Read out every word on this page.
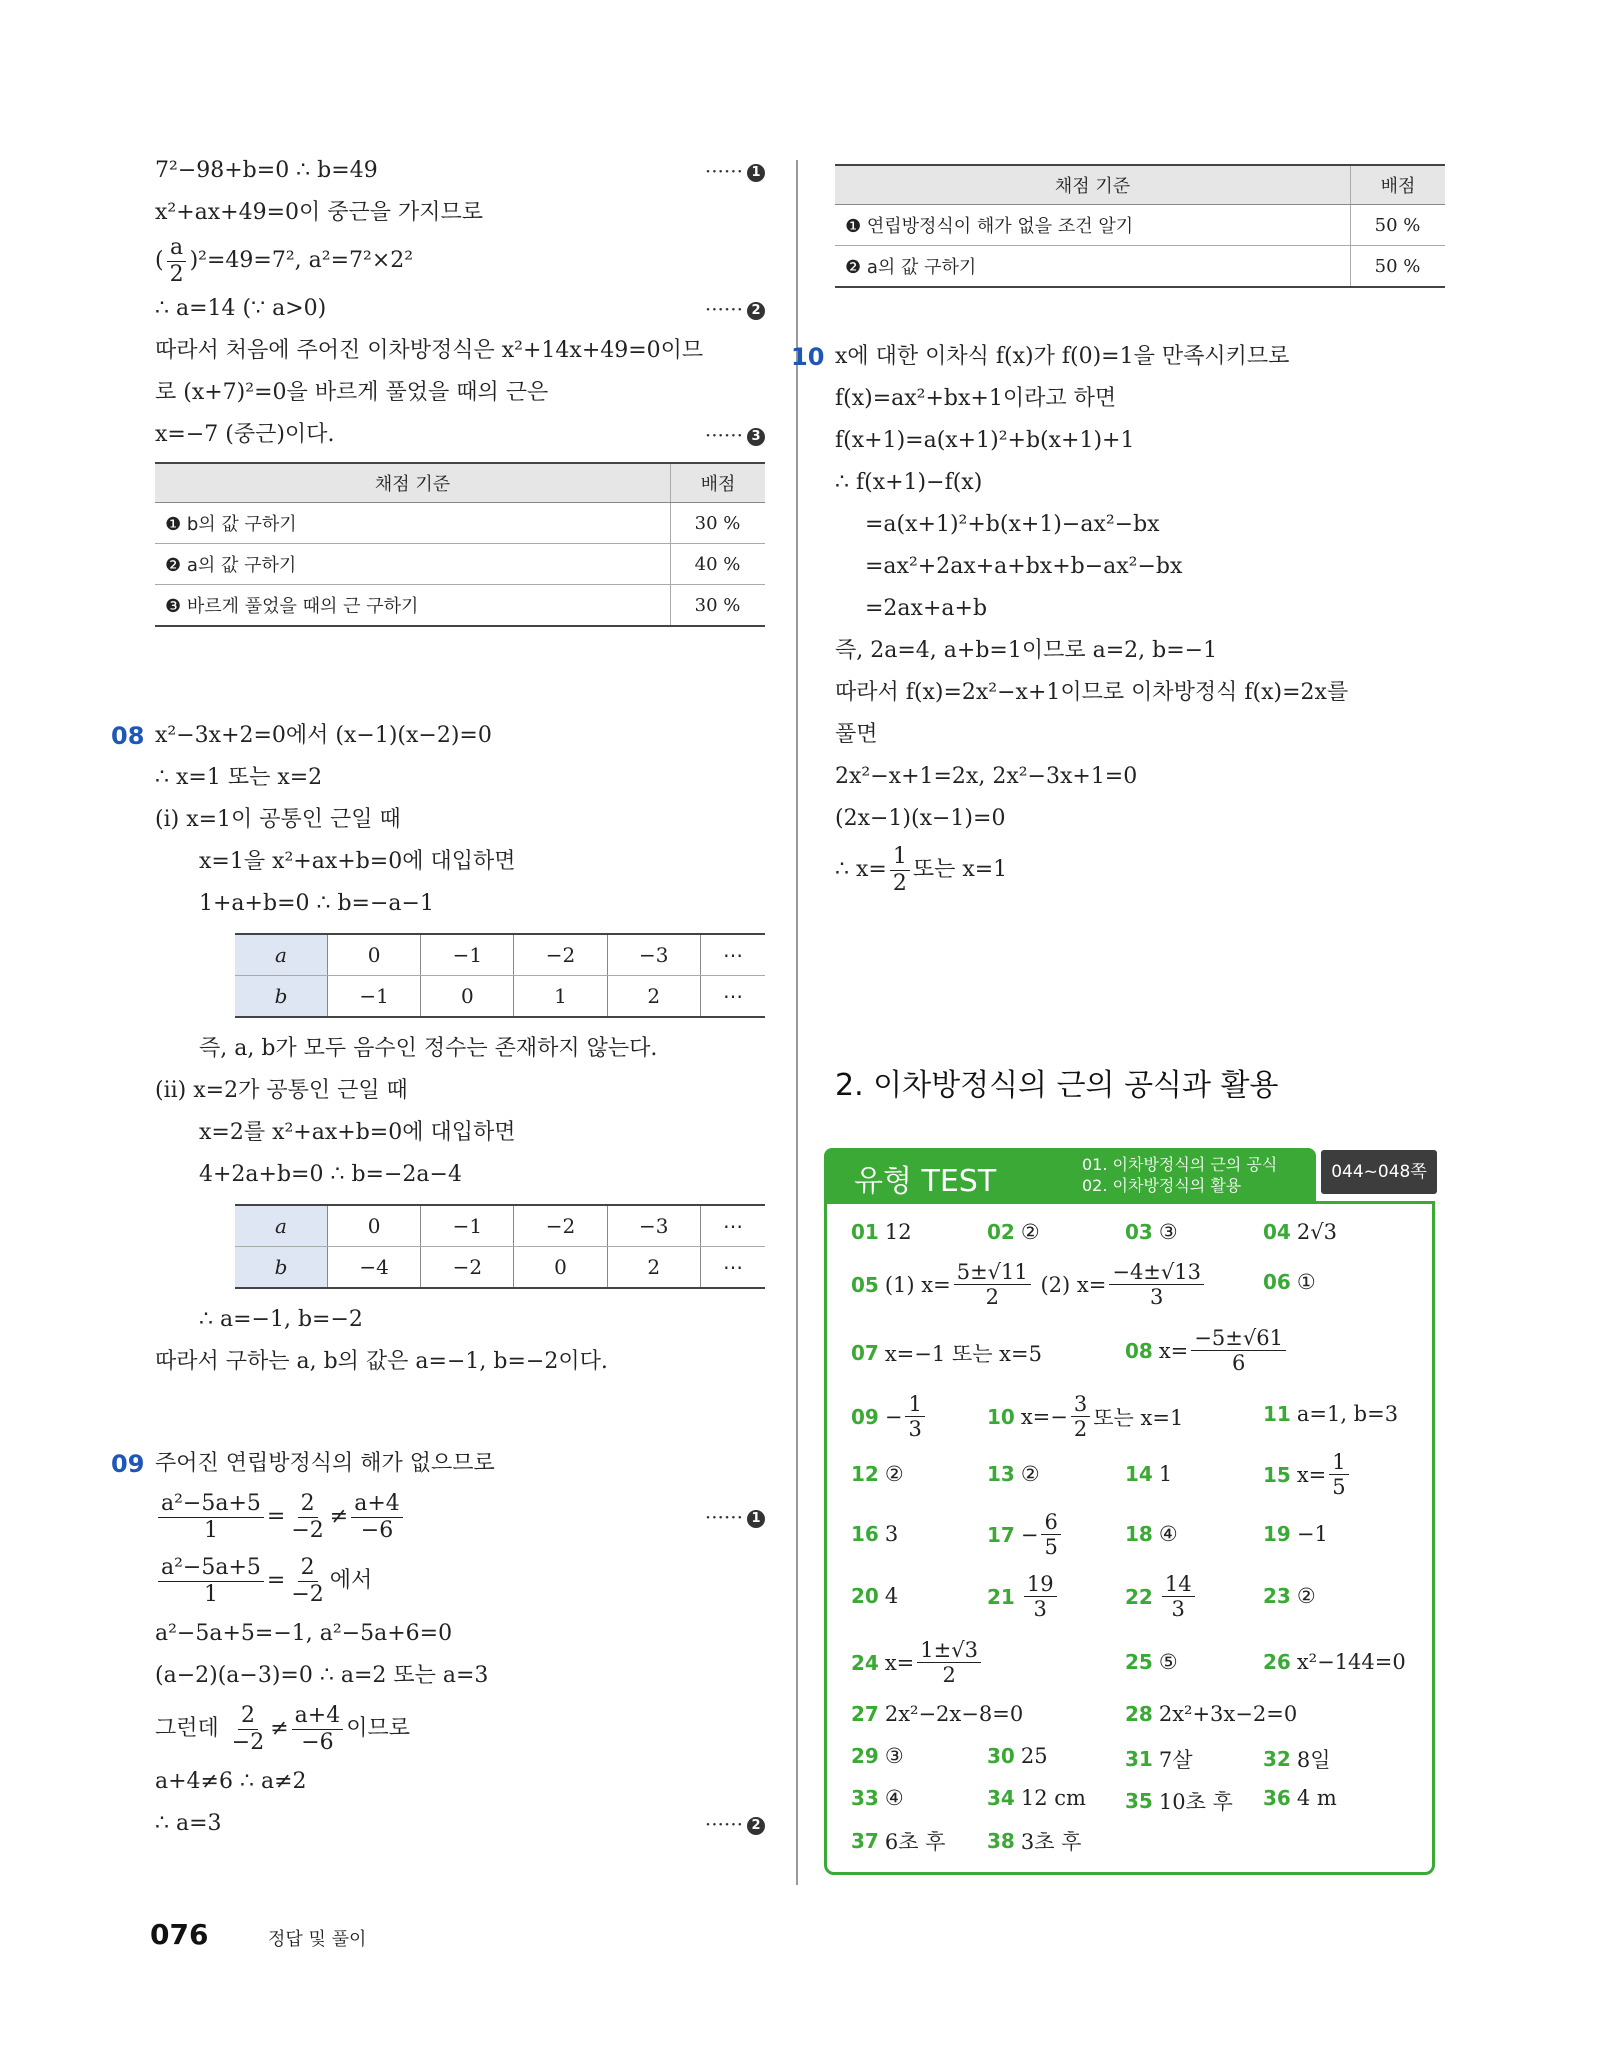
7²−98+b=0 ∴ b=49	······ 1
x²+ax+49=0이 중근을 가지므로
( $\frac{a}{2} )^2=49=7^2$, a²=7²×2²
∴ a=14 (∵ a>0)	······ 2
따라서 처음에 주어진 이차방정식은 x²+14x+49=0이므
로 (x+7)²=0을 바르게 풀었을 때의 근은
x=−7 (중근)이다.	······ 3
채점 기준	배점
❶ b의 값 구하기	30 %
❷ a의 값 구하기	40 %
❸ 바르게 풀었을 때의 근 구하기	30 %
08 x²−3x+2=0에서 (x−1)(x−2)=0
∴ x=1 또는 x=2
(ⅰ) x=1이 공통인 근일 때
x=1을 x²+ax+b=0에 대입하면
1+a+b=0 ∴ b=−a−1
a	0	−1	−2	−3	⋯
b	−1	0	1	2	⋯
즉, a, b가 모두 음수인 정수는 존재하지 않는다.
(ⅱ) x=2가 공통인 근일 때
x=2를 x²+ax+b=0에 대입하면
4+2a+b=0 ∴ b=−2a−4
a	0	−1	−2	−3	⋯
b	−4	−2	0	2	⋯
∴ a=−1, b=−2
따라서 구하는 a, b의 값은 a=−1, b=−2이다.
09 주어진 연립방정식의 해가 없으므로
$\frac{\text{a²−5a+5}}{1} = \frac{2}{-2} \ne \frac{a+4}{-6}$	······ 1
$\frac{\text{a²−5a+5}}{1} = \frac{2}{-2}$ 에서
a²−5a+5=−1, a²−5a+6=0
(a−2)(a−3)=0 ∴ a=2 또는 a=3
그런데 $\frac{2}{-2} \ne \frac{a+4}{-6}$ 이므로
a+4≠6 ∴ a≠2
∴ a=3	······ 2
채점 기준	배점
❶ 연립방정식이 해가 없을 조건 알기	50 %
❷ a의 값 구하기	50 %
10 x에 대한 이차식 f(x)가 f(0)=1을 만족시키므로
f(x)=ax²+bx+1이라고 하면
f(x+1)=a(x+1)²+b(x+1)+1
∴ f(x+1)−f(x)
=a(x+1)²+b(x+1)−ax²−bx
=ax²+2ax+a+bx+b−ax²−bx
=2ax+a+b
즉, 2a=4, a+b=1이므로 a=2, b=−1
따라서 f(x)=2x²−x+1이므로 이차방정식 f(x)=2x를
풀면
2x²−x+1=2x, 2x²−3x+1=0
(2x−1)(x−1)=0
∴ $x= \frac{1}{2}$ 또는 x=1
2. 이차방정식의 근의 공식과 활용
유형 TEST	01. 이차방정식의 근의 공식
02. 이차방정식의 활용
044~048쪽
01 12	02 ②	03 ③	04 2√3
05 (1) $x= \frac{5\pm√11}{2}$
(2) $x= \frac{-4\pm√13}{3}$	06 ①
07 x=−1 또는 x=5	08 $x= \frac{-5\pm√61}{6}$
$09 - \frac{1}{3}$	10 $x=- \frac{3}{2}$ 또는 x=1	11 a=1, b=3
12 ②	13 ②	14 1	15 $x= \frac{1}{5}$
16 3	$17 - \frac{6}{5}$	18 ④	19 −1
20 4	$21 \frac{19}{3}$	$22 \frac{14}{3}$	23 ②
24 $x= \frac{1\pm√3}{2}$	25 ⑤	26 x²−144=0
27 2x²−2x−8=0	28 2x²+3x−2=0
29 ③	30 25	31 7살	32 8일
33 ④	34 12 cm 35 10초 후 36 4 m
37 6초 후 38 3초 후
076	정답 및 풀이
